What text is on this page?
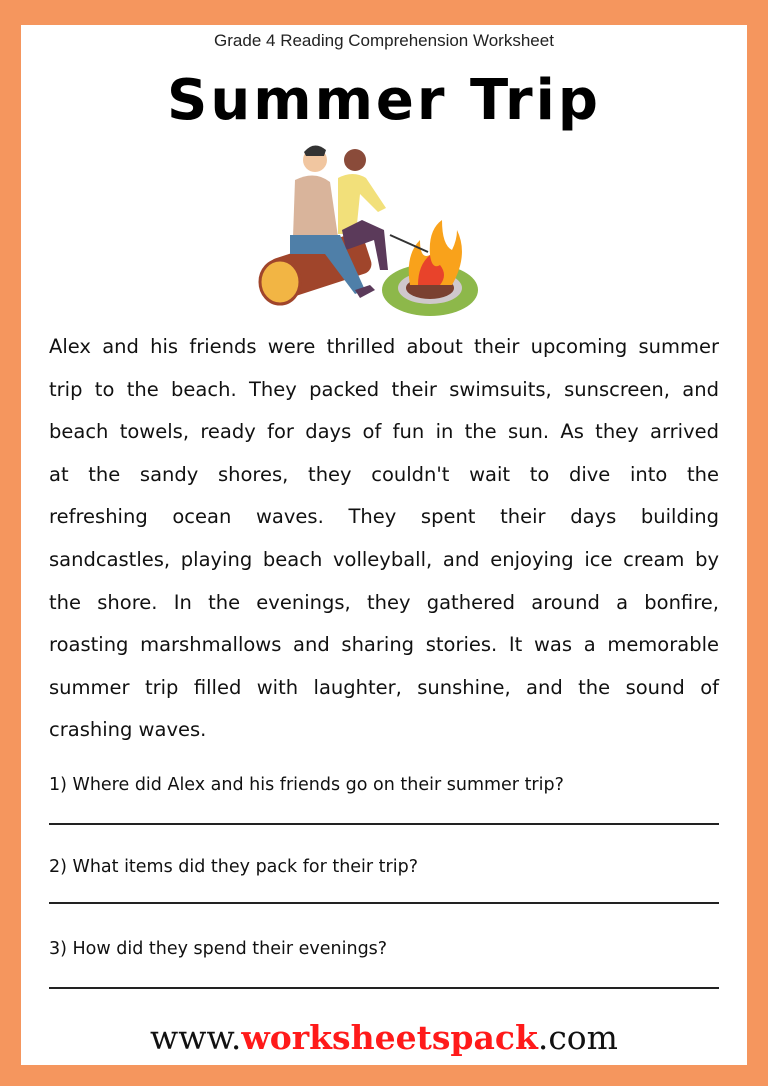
Grade 4 Reading Comprehension Worksheet
Summer Trip
Alex and his friends were thrilled about their upcoming summer
trip to the beach. They packed their swimsuits, sunscreen, and
beach towels, ready for days of fun in the sun. As they arrived
at the sandy shores, they couldn't wait to dive into the
refreshing ocean waves. They spent their days building
sandcastles, playing beach volleyball, and enjoying ice cream by
the shore. In the evenings, they gathered around a bonfire,
roasting marshmallows and sharing stories. It was a memorable
summer trip filled with laughter, sunshine, and the sound of
crashing waves.
1) Where did Alex and his friends go on their summer trip?
2) What items did they pack for their trip?
3) How did they spend their evenings?
www.worksheetspack.com
